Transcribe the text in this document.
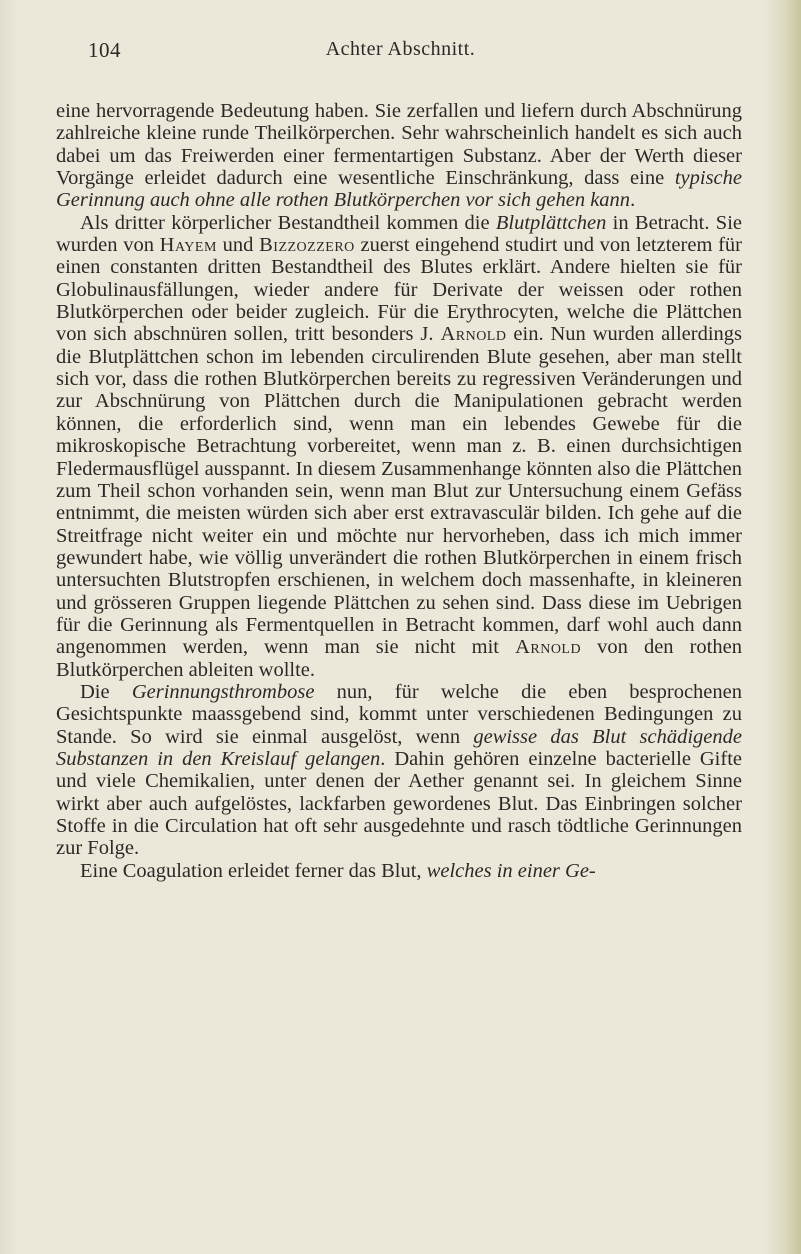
104	Achter Abschnitt.

eine hervorragende Bedeutung haben. Sie zerfallen und liefern durch Abschnürung zahlreiche kleine runde Theilkörperchen. Sehr wahrscheinlich handelt es sich auch dabei um das Freiwerden einer fermentartigen Substanz. Aber der Werth dieser Vorgänge erleidet dadurch eine wesentliche Einschränkung, dass eine typische Gerinnung auch ohne alle rothen Blutkörperchen vor sich gehen kann.

Als dritter körperlicher Bestandtheil kommen die Blutplättchen in Betracht. Sie wurden von Hayem und Bizzozzero zuerst eingehend studirt und von letzterem für einen constanten dritten Bestandtheil des Blutes erklärt. Andere hielten sie für Globulinausfällungen, wieder andere für Derivate der weissen oder rothen Blutkörperchen oder beider zugleich. Für die Erythrocyten, welche die Plättchen von sich abschnüren sollen, tritt besonders J. Arnold ein. Nun wurden allerdings die Blutplättchen schon im lebenden circulirenden Blute gesehen, aber man stellt sich vor, dass die rothen Blutkörperchen bereits zu regressiven Veränderungen und zur Abschnürung von Plättchen durch die Manipulationen gebracht werden können, die erforderlich sind, wenn man ein lebendes Gewebe für die mikroskopische Betrachtung vorbereitet, wenn man z. B. einen durchsichtigen Fledermausflügel ausspannt. In diesem Zusammenhange könnten also die Plättchen zum Theil schon vorhanden sein, wenn man Blut zur Untersuchung einem Gefäss entnimmt, die meisten würden sich aber erst extravasculär bilden. Ich gehe auf die Streitfrage nicht weiter ein und möchte nur hervorheben, dass ich mich immer gewundert habe, wie völlig unverändert die rothen Blutkörperchen in einem frisch untersuchten Blutstropfen erschienen, in welchem doch massenhafte, in kleineren und grösseren Gruppen liegende Plättchen zu sehen sind. Dass diese im Uebrigen für die Gerinnung als Fermentquellen in Betracht kommen, darf wohl auch dann angenommen werden, wenn man sie nicht mit Arnold von den rothen Blutkörperchen ableiten wollte.

Die Gerinnungsthrombose nun, für welche die eben besprochenen Gesichtspunkte maassgebend sind, kommt unter verschiedenen Bedingungen zu Stande. So wird sie einmal ausgelöst, wenn gewisse das Blut schädigende Substanzen in den Kreislauf gelangen. Dahin gehören einzelne bacterielle Gifte und viele Chemikalien, unter denen der Aether genannt sei. In gleichem Sinne wirkt aber auch aufgelöstes, lackfarben gewordenes Blut. Das Einbringen solcher Stoffe in die Circulation hat oft sehr ausgedehnte und rasch tödtliche Gerinnungen zur Folge.

Eine Coagulation erleidet ferner das Blut, welches in einer Ge-
